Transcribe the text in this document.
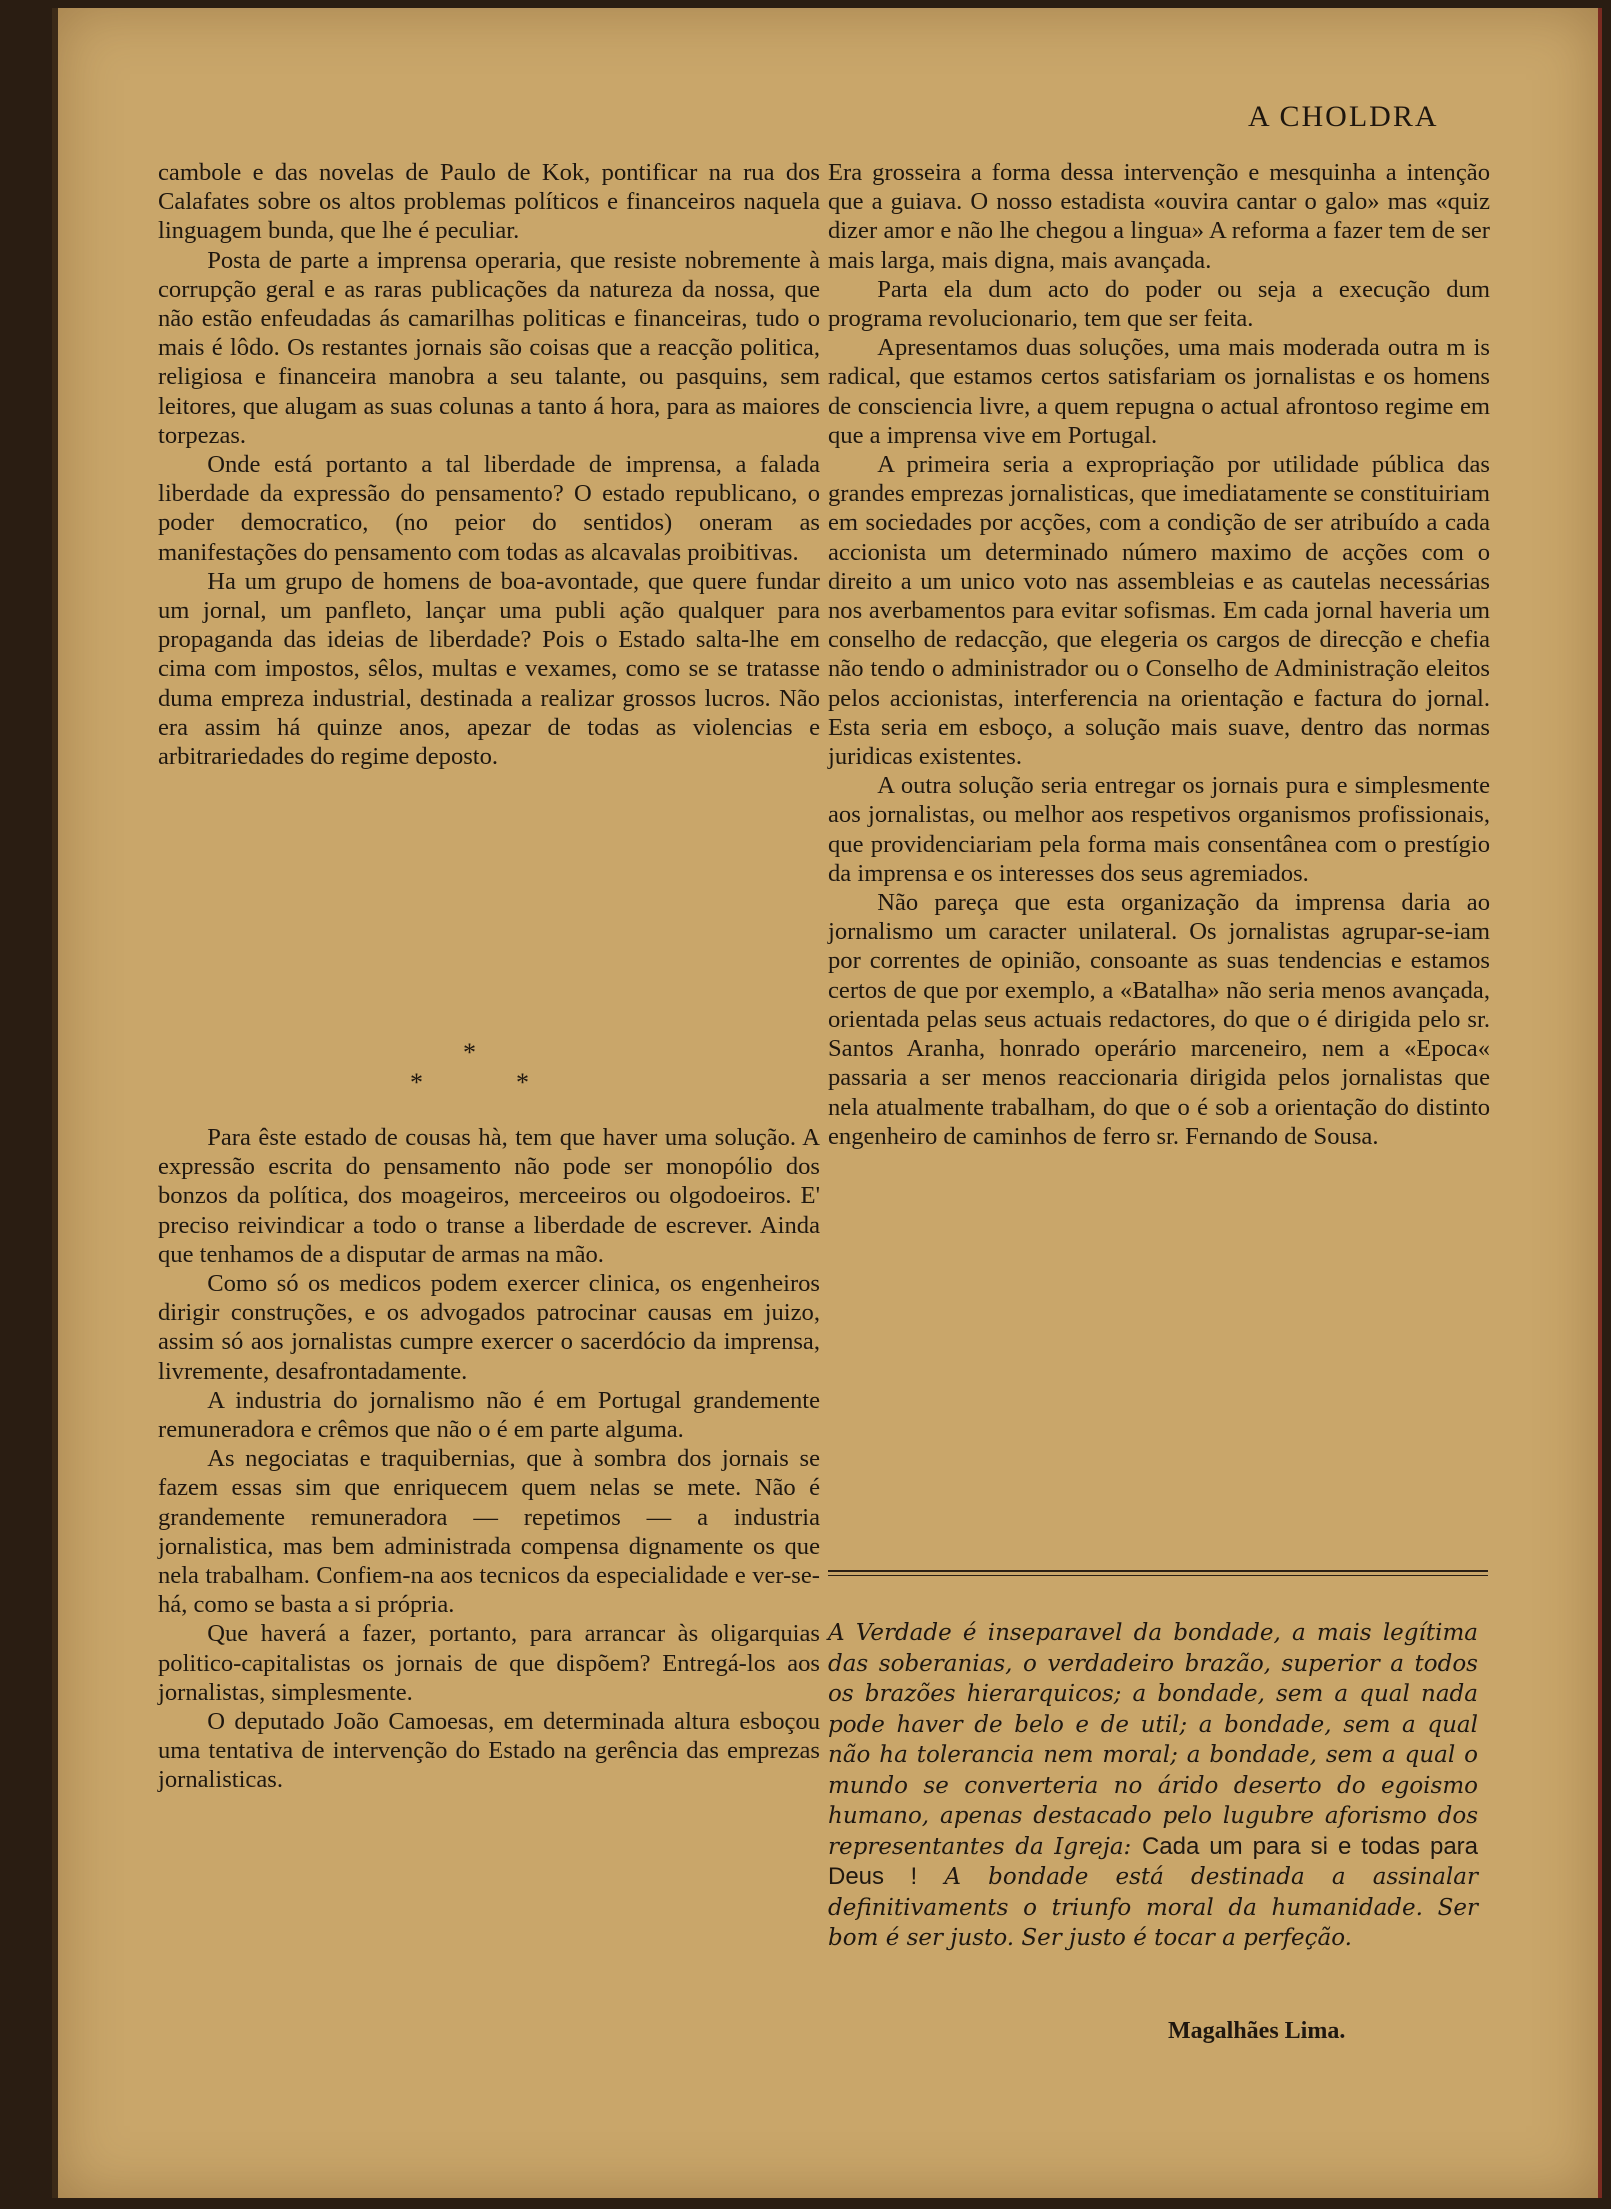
A CHOLDRA

cambole e das novelas de Paulo de Kok, pontificar na rua dos Calafates sobre os altos problemas políticos e financeiros naquela linguagem bunda, que lhe é peculiar.

Posta de parte a imprensa operaria, que resiste nobremente à corrupção geral e as raras publicações da natureza da nossa, que não estão enfeudadas ás camarilhas politicas e financeiras, tudo o mais é lôdo. Os restantes jornais são coisas que a reacção politica, religiosa e financeira manobra a seu talante, ou pasquins, sem leitores, que alugam as suas colunas a tanto á hora, para as maiores torpezas.

Onde está portanto a tal liberdade de imprensa, a falada liberdade da expressão do pensamento? O estado republicano, o poder democratico, (no peior do sentidos) oneram as manifestações do pensamento com todas as alcavalas proibitivas.

Ha um grupo de homens de boa-avontade, que quere fundar um jornal, um panfleto, lançar uma publi ação qualquer para propaganda das ideias de liberdade? Pois o Estado salta-lhe em cima com impostos, sêlos, multas e vexames, como se se tratasse duma empreza industrial, destinada a realizar grossos lucros. Não era assim há quinze anos, apezar de todas as violencias e arbitrariedades do regime deposto.

*
*	*

Para êste estado de cousas hà, tem que haver uma solução. A expressão escrita do pensamento não pode ser monopólio dos bonzos da política, dos moageiros, merceeiros ou olgodoeiros. E' preciso reivindicar a todo o transe a liberdade de escrever. Ainda que tenhamos de a disputar de armas na mão.

Como só os medicos podem exercer clinica, os engenheiros dirigir construções, e os advogados patrocinar causas em juizo, assim só aos jornalistas cumpre exercer o sacerdócio da imprensa, livremente, desafrontadamente.

A industria do jornalismo não é em Portugal grandemente remuneradora e crêmos que não o é em parte alguma.

As negociatas e traquibernias, que à sombra dos jornais se fazem essas sim que enriquecem quem nelas se mete. Não é grandemente remuneradora — repetimos — a industria jornalistica, mas bem administrada compensa dignamente os que nela trabalham. Confiem-na aos tecnicos da especialidade e ver-se-há, como se basta a si própria.

Que haverá a fazer, portanto, para arrancar às oligarquias politico-capitalistas os jornais de que dispõem? Entregá-los aos jornalistas, simplesmente.

O deputado João Camoesas, em determinada altura esboçou uma tentativa de intervenção do Estado na gerência das emprezas jornalisticas.

Era grosseira a forma dessa intervenção e mesquinha a intenção que a guiava. O nosso estadista «ouvira cantar o galo» mas «quiz dizer amor e não lhe chegou a lingua» A reforma a fazer tem de ser mais larga, mais digna, mais avançada.

Parta ela dum acto do poder ou seja a execução dum programa revolucionario, tem que ser feita.

Apresentamos duas soluções, uma mais moderada outra m is radical, que estamos certos satisfariam os jornalistas e os homens de consciencia livre, a quem repugna o actual afrontoso regime em que a imprensa vive em Portugal.

A primeira seria a expropriação por utilidade pública das grandes emprezas jornalisticas, que imediatamente se constituiriam em sociedades por acções, com a condição de ser atribuído a cada accionista um determinado número maximo de acções com o direito a um unico voto nas assembleias e as cautelas necessárias nos averbamentos para evitar sofismas. Em cada jornal haveria um conselho de redacção, que elegeria os cargos de direcção e chefia não tendo o administrador ou o Conselho de Administração eleitos pelos accionistas, interferencia na orientação e factura do jornal. Esta seria em esboço, a solução mais suave, dentro das normas juridicas existentes.

A outra solução seria entregar os jornais pura e simplesmente aos jornalistas, ou melhor aos respetivos organismos profissionais, que providenciariam pela forma mais consentânea com o prestígio da imprensa e os interesses dos seus agremiados.

Não pareça que esta organização da imprensa daria ao jornalismo um caracter unilateral. Os jornalistas agrupar-se-iam por correntes de opinião, consoante as suas tendencias e estamos certos de que por exemplo, a «Batalha» não seria menos avançada, orientada pelas seus actuais redactores, do que o é dirigida pelo sr. Santos Aranha, honrado operário marceneiro, nem a «Epoca« passaria a ser menos reaccionaria dirigida pelos jornalistas que nela atualmente trabalham, do que o é sob a orientação do distinto engenheiro de caminhos de ferro sr. Fernando de Sousa.

A Verdade é inseparavel da bondade, a mais legítima das soberanias, o verdadeiro brazão, superior a todos os brazões hierarquicos; a bondade, sem a qual nada pode haver de belo e de util; a bondade, sem a qual não ha tolerancia nem moral; a bondade, sem a qual o mundo se converteria no árido deserto do egoismo humano, apenas destacado pelo lugubre aforismo dos representantes da Igreja: Cada um para si e todas para Deus ! A bondade está destinada a assinalar definitivaments o triunfo moral da humanidade. Ser bom é ser justo. Ser justo é tocar a perfeção.
Magalhães Lima.
